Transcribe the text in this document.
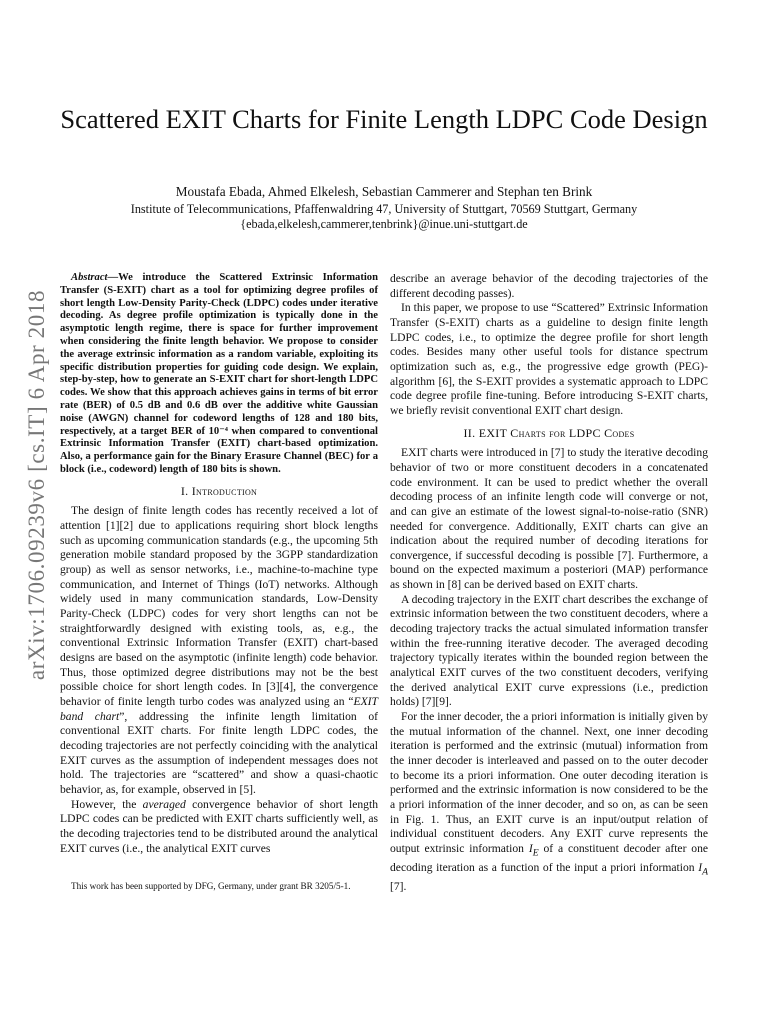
Scattered EXIT Charts for Finite Length LDPC Code Design
Moustafa Ebada, Ahmed Elkelesh, Sebastian Cammerer and Stephan ten Brink
Institute of Telecommunications, Pfaffenwaldring 47, University of Stuttgart, 70569 Stuttgart, Germany
{ebada,elkelesh,cammerer,tenbrink}@inue.uni-stuttgart.de
arXiv:1706.09239v6 [cs.IT] 6 Apr 2018

Abstract—We introduce the Scattered Extrinsic Information Transfer (S-EXIT) chart as a tool for optimizing degree profiles of short length Low-Density Parity-Check (LDPC) codes under iterative decoding. As degree profile optimization is typically done in the asymptotic length regime, there is space for further improvement when considering the finite length behavior. We propose to consider the average extrinsic information as a random variable, exploiting its specific distribution properties for guiding code design. We explain, step-by-step, how to generate an S-EXIT chart for short-length LDPC codes. We show that this approach achieves gains in terms of bit error rate (BER) of 0.5 dB and 0.6 dB over the additive white Gaussian noise (AWGN) channel for codeword lengths of 128 and 180 bits, respectively, at a target BER of 10⁻⁴ when compared to conventional Extrinsic Information Transfer (EXIT) chart-based optimization. Also, a performance gain for the Binary Erasure Channel (BEC) for a block (i.e., codeword) length of 180 bits is shown.

I. Introduction

The design of finite length codes has recently received a lot of attention [1][2] due to applications requiring short block lengths such as upcoming communication standards (e.g., the upcoming 5th generation mobile standard proposed by the 3GPP standardization group) as well as sensor networks, i.e., machine-to-machine type communication, and Internet of Things (IoT) networks. Although widely used in many communication standards, Low-Density Parity-Check (LDPC) codes for very short lengths can not be straightforwardly designed with existing tools, as, e.g., the conventional Extrinsic Information Transfer (EXIT) chart-based designs are based on the asymptotic (infinite length) code behavior. Thus, those optimized degree distributions may not be the best possible choice for short length codes. In [3][4], the convergence behavior of finite length turbo codes was analyzed using an “EXIT band chart”, addressing the infinite length limitation of conventional EXIT charts. For finite length LDPC codes, the decoding trajectories are not perfectly coinciding with the analytical EXIT curves as the assumption of independent messages does not hold. The trajectories are “scattered” and show a quasi-chaotic behavior, as, for example, observed in [5].

However, the averaged convergence behavior of short length LDPC codes can be predicted with EXIT charts sufficiently well, as the decoding trajectories tend to be distributed around the analytical EXIT curves (i.e., the analytical EXIT curves

This work has been supported by DFG, Germany, under grant BR 3205/5-1.

describe an average behavior of the decoding trajectories of the different decoding passes).

In this paper, we propose to use “Scattered” Extrinsic Information Transfer (S-EXIT) charts as a guideline to design finite length LDPC codes, i.e., to optimize the degree profile for short length codes. Besides many other useful tools for distance spectrum optimization such as, e.g., the progressive edge growth (PEG)-algorithm [6], the S-EXIT provides a systematic approach to LDPC code degree profile fine-tuning. Before introducing S-EXIT charts, we briefly revisit conventional EXIT chart design.

II. EXIT Charts for LDPC Codes

EXIT charts were introduced in [7] to study the iterative decoding behavior of two or more constituent decoders in a concatenated code environment. It can be used to predict whether the overall decoding process of an infinite length code will converge or not, and can give an estimate of the lowest signal-to-noise-ratio (SNR) needed for convergence. Additionally, EXIT charts can give an indication about the required number of decoding iterations for convergence, if successful decoding is possible [7]. Furthermore, a bound on the expected maximum a posteriori (MAP) performance as shown in [8] can be derived based on EXIT charts.

A decoding trajectory in the EXIT chart describes the exchange of extrinsic information between the two constituent decoders, where a decoding trajectory tracks the actual simulated information transfer within the free-running iterative decoder. The averaged decoding trajectory typically iterates within the bounded region between the analytical EXIT curves of the two constituent decoders, verifying the derived analytical EXIT curve expressions (i.e., prediction holds) [7][9].

For the inner decoder, the a priori information is initially given by the mutual information of the channel. Next, one inner decoding iteration is performed and the extrinsic (mutual) information from the inner decoder is interleaved and passed on to the outer decoder to become its a priori information. One outer decoding iteration is performed and the extrinsic information is now considered to be the a priori information of the inner decoder, and so on, as can be seen in Fig. 1. Thus, an EXIT curve is an input/output relation of individual constituent decoders. Any EXIT curve represents the output extrinsic information $I_E$ of a constituent decoder after one decoding iteration as a function of the input a priori information $I_A$ [7].
